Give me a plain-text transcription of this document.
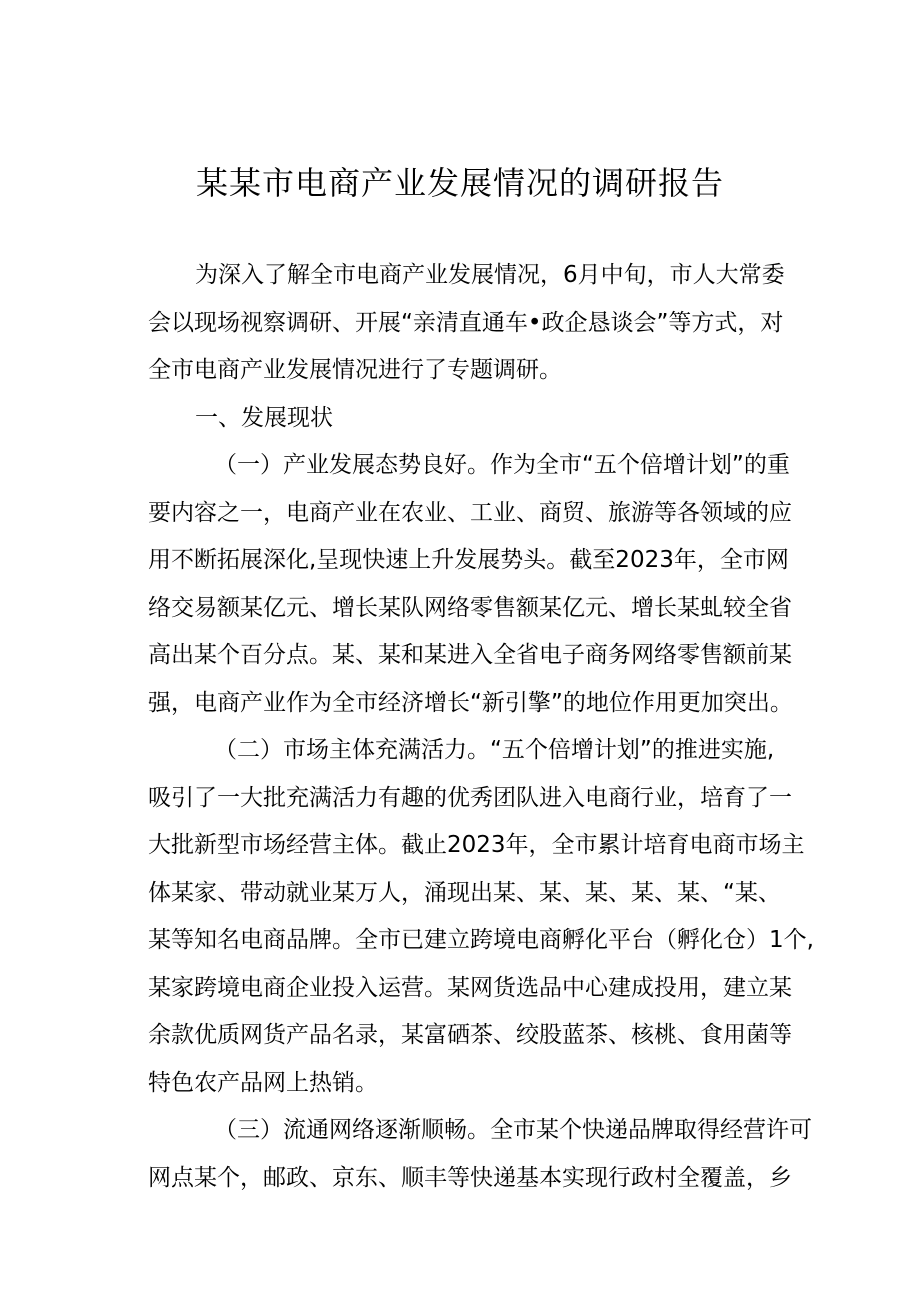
某某市电商产业发展情况的调研报告
为深入了解全市电商产业发展情况，6月中旬，市人大常委
会以现场视察调研、开展“亲清直通车•政企恳谈会”等方式，对
全市电商产业发展情况进行了专题调研。
一、发展现状
（一）产业发展态势良好。作为全市“五个倍增计划”的重
要内容之一，电商产业在农业、工业、商贸、旅游等各领域的应
用不断拓展深化,呈现快速上升发展势头。截至2023年，全市网
络交易额某亿元、增长某队网络零售额某亿元、增长某虬较全省
高出某个百分点。某、某和某进入全省电子商务网络零售额前某
强，电商产业作为全市经济增长“新引擎”的地位作用更加突出。
（二）市场主体充满活力。“五个倍增计划”的推进实施,
吸引了一大批充满活力有趣的优秀团队进入电商行业，培育了一
大批新型市场经营主体。截止2023年，全市累计培育电商市场主
体某家、带动就业某万人，涌现出某、某、某、某、某、“某、
某等知名电商品牌。全市已建立跨境电商孵化平台（孵化仓）1个,
某家跨境电商企业投入运营。某网货选品中心建成投用，建立某
余款优质网货产品名录，某富硒茶、绞股蓝茶、核桃、食用菌等
特色农产品网上热销。
（三）流通网络逐渐顺畅。全市某个快递品牌取得经营许可
网点某个，邮政、京东、顺丰等快递基本实现行政村全覆盖，乡
